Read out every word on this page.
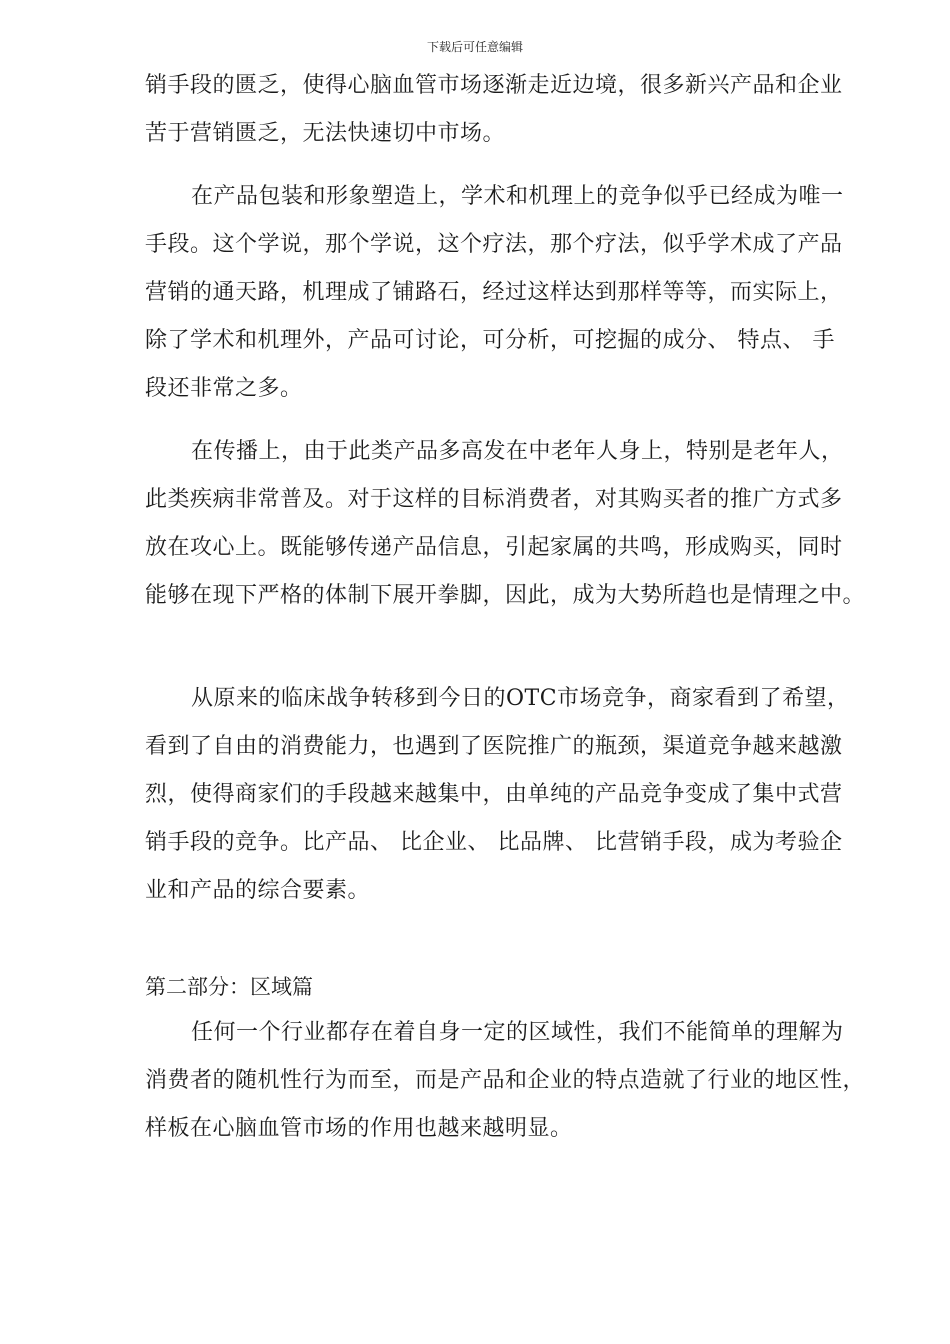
下载后可任意编辑
销手段的匮乏，使得心脑血管市场逐渐走近边境，很多新兴产品和企业
苦于营销匮乏，无法快速切中市场。
在产品包装和形象塑造上，学术和机理上的竞争似乎已经成为唯一
手段。这个学说，那个学说，这个疗法，那个疗法，似乎学术成了产品
营销的通天路，机理成了铺路石，经过这样达到那样等等，而实际上，
除了学术和机理外，产品可讨论，可分析，可挖掘的成分、 特点、 手
段还非常之多。
在传播上，由于此类产品多高发在中老年人身上，特别是老年人，
此类疾病非常普及。对于这样的目标消费者，对其购买者的推广方式多
放在攻心上。既能够传递产品信息，引起家属的共鸣，形成购买，同时
能够在现下严格的体制下展开拳脚，因此，成为大势所趋也是情理之中。
从原来的临床战争转移到今日的OTC市场竞争，商家看到了希望，
看到了自由的消费能力，也遇到了医院推广的瓶颈，渠道竞争越来越激
烈，使得商家们的手段越来越集中，由单纯的产品竞争变成了集中式营
销手段的竞争。比产品、 比企业、 比品牌、 比营销手段，成为考验企
业和产品的综合要素。
第二部分：区域篇
任何一个行业都存在着自身一定的区域性，我们不能简单的理解为
消费者的随机性行为而至，而是产品和企业的特点造就了行业的地区性，
样板在心脑血管市场的作用也越来越明显。
